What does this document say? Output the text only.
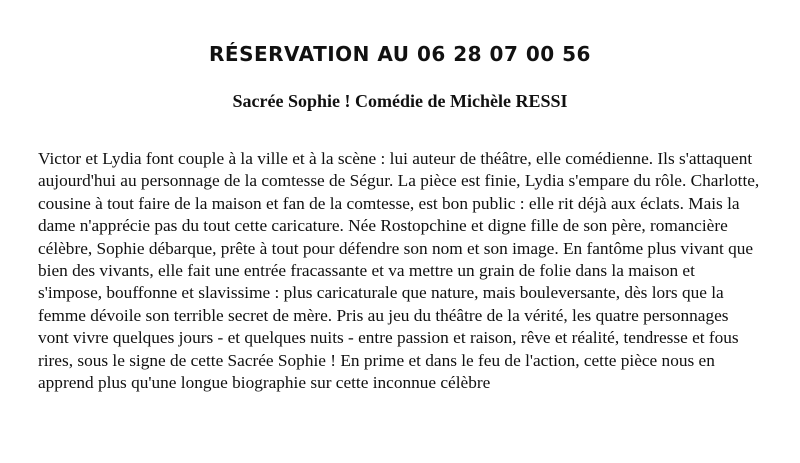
RÉSERVATION AU 06 28 07 00 56
Sacrée Sophie ! Comédie de Michèle RESSI

Victor et Lydia font couple à la ville et à la scène : lui auteur de théâtre, elle comédienne. Ils s'attaquent aujourd'hui au personnage de la comtesse de Ségur. La pièce est finie, Lydia s'empare du rôle. Charlotte, cousine à tout faire de la maison et fan de la comtesse, est bon public : elle rit déjà aux éclats. Mais la dame n'apprécie pas du tout cette caricature. Née Rostopchine et digne fille de son père, romancière célèbre, Sophie débarque, prête à tout pour défendre son nom et son image. En fantôme plus vivant que bien des vivants, elle fait une entrée fracassante et va mettre un grain de folie dans la maison et s'impose, bouffonne et slavissime : plus caricaturale que nature, mais bouleversante, dès lors que la femme dévoile son terrible secret de mère. Pris au jeu du théâtre de la vérité, les quatre personnages vont vivre quelques jours - et quelques nuits - entre passion et raison, rêve et réalité, tendresse et fous rires, sous le signe de cette Sacrée Sophie ! En prime et dans le feu de l'action, cette pièce nous en apprend plus qu'une longue biographie sur cette inconnue célèbre
